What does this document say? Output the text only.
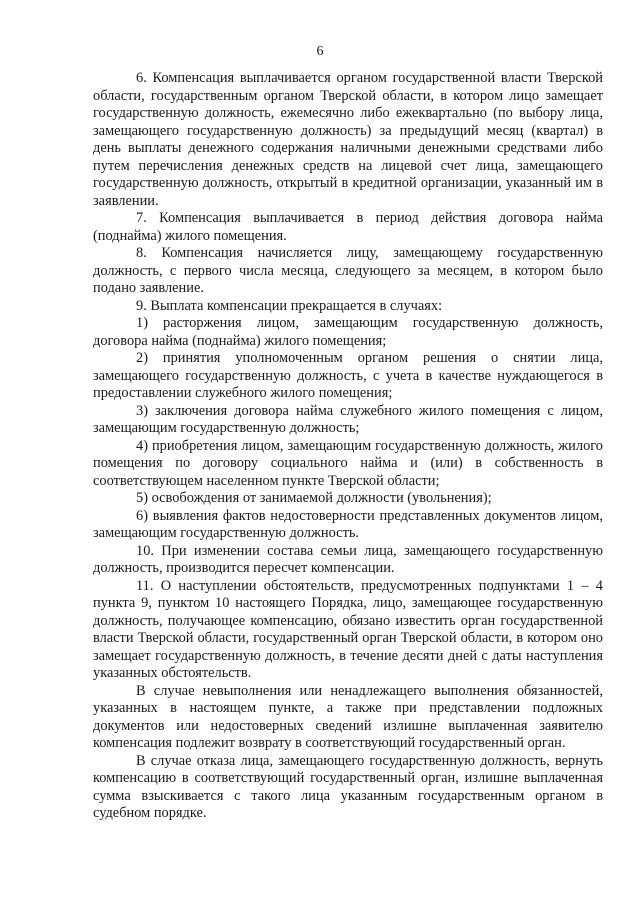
6

6. Компенсация выплачивается органом государственной власти Тверской области, государственным органом Тверской области, в котором лицо замещает государственную должность, ежемесячно либо ежеквартально (по выбору лица, замещающего государственную должность) за предыдущий месяц (квартал) в день выплаты денежного содержания наличными денежными средствами либо путем перечисления денежных средств на лицевой счет лица, замещающего государственную должность, открытый в кредитной организации, указанный им в заявлении.

7. Компенсация выплачивается в период действия договора найма (поднайма) жилого помещения.

8. Компенсация начисляется лицу, замещающему государственную должность, с первого числа месяца, следующего за месяцем, в котором было подано заявление.

9. Выплата компенсации прекращается в случаях:

1) расторжения лицом, замещающим государственную должность, договора найма (поднайма) жилого помещения;

2) принятия уполномоченным органом решения о снятии лица, замещающего государственную должность, с учета в качестве нуждающегося в предоставлении служебного жилого помещения;

3) заключения договора найма служебного жилого помещения с лицом, замещающим государственную должность;

4) приобретения лицом, замещающим государственную должность, жилого помещения по договору социального найма и (или) в собственность в соответствующем населенном пункте Тверской области;

5) освобождения от занимаемой должности (увольнения);

6) выявления фактов недостоверности представленных документов лицом, замещающим государственную должность.

10. При изменении состава семьи лица, замещающего государственную должность, производится пересчет компенсации.

11. О наступлении обстоятельств, предусмотренных подпунктами 1 – 4 пункта 9, пунктом 10 настоящего Порядка, лицо, замещающее государственную должность, получающее компенсацию, обязано известить орган государственной власти Тверской области, государственный орган Тверской области, в котором оно замещает государственную должность, в течение десяти дней с даты наступления указанных обстоятельств.

В случае невыполнения или ненадлежащего выполнения обязанностей, указанных в настоящем пункте, а также при представлении подложных документов или недостоверных сведений излишне выплаченная заявителю компенсация подлежит возврату в соответствующий государственный орган.

В случае отказа лица, замещающего государственную должность, вернуть компенсацию в соответствующий государственный орган, излишне выплаченная сумма взыскивается с такого лица указанным государственным органом в судебном порядке.
